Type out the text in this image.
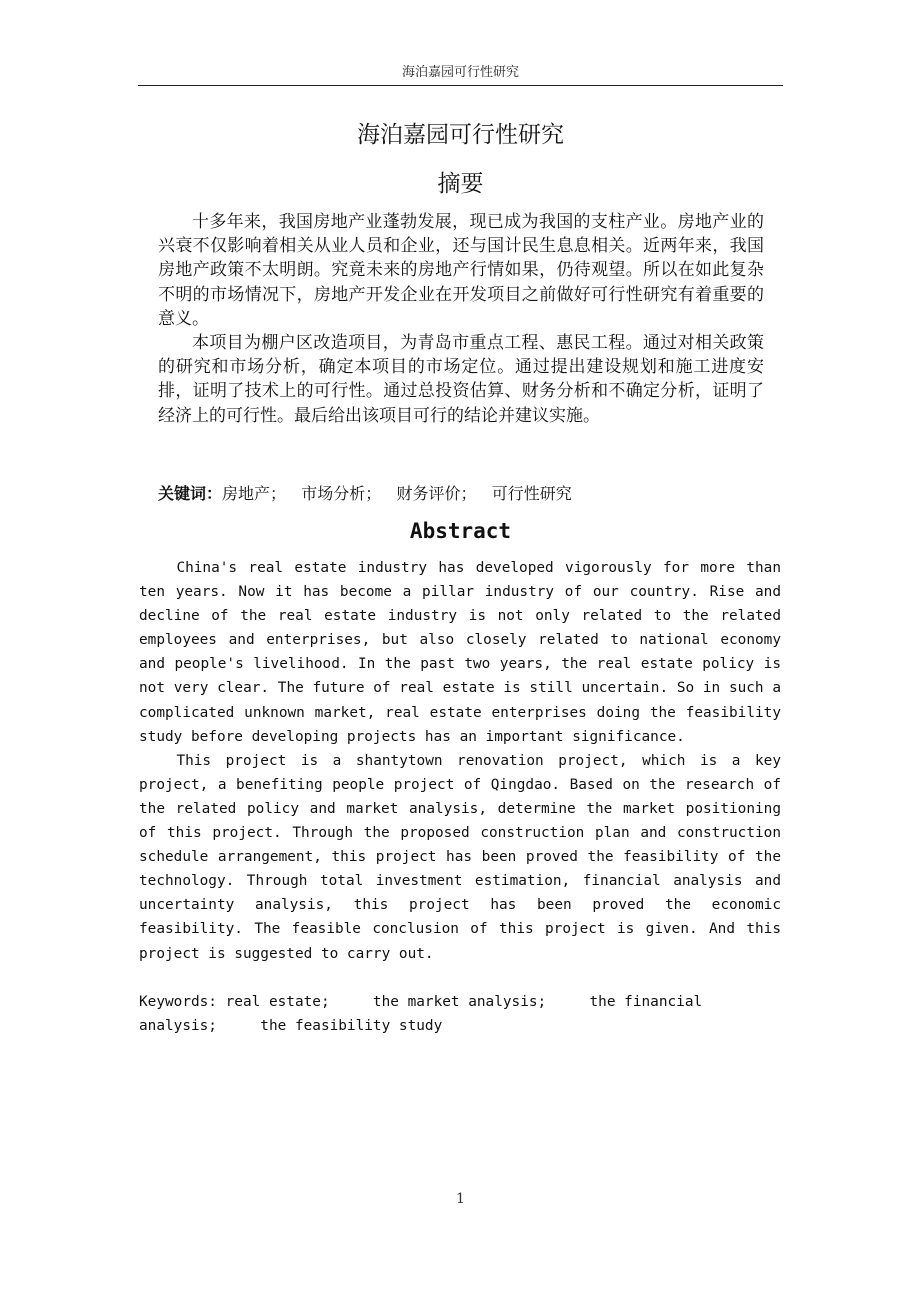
海泊嘉园可行性研究
海泊嘉园可行性研究
摘要

十多年来，我国房地产业蓬勃发展，现已成为我国的支柱产业。房地产业的兴衰不仅影响着相关从业人员和企业，还与国计民生息息相关。近两年来，我国房地产政策不太明朗。究竟未来的房地产行情如果，仍待观望。所以在如此复杂不明的市场情况下，房地产开发企业在开发项目之前做好可行性研究有着重要的意义。

本项目为棚户区改造项目，为青岛市重点工程、惠民工程。通过对相关政策的研究和市场分析，确定本项目的市场定位。通过提出建设规划和施工进度安排，证明了技术上的可行性。通过总投资估算、财务分析和不确定分析，证明了经济上的可行性。最后给出该项目可行的结论并建议实施。

关键词：房地产；   市场分析；   财务评价；   可行性研究
Abstract

China's real estate industry has developed vigorously for more than ten years. Now it has become a pillar industry of our country. Rise and decline of the real estate industry is not only related to the related employees and enterprises, but also closely related to national economy and people's livelihood. In the past two years, the real estate policy is not very clear. The future of real estate is still uncertain. So in such a complicated unknown market, real estate enterprises doing the feasibility study before developing projects has an important significance.

This project is a shantytown renovation project, which is a key project, a benefiting people project of Qingdao. Based on the research of the related policy and market analysis, determine the market positioning of this project. Through the proposed construction plan and construction schedule arrangement, this project has been proved the feasibility of the technology. Through total investment estimation, financial analysis and uncertainty analysis, this project has been proved the economic feasibility. The feasible conclusion of this project is given. And this project is suggested to carry out.

Keywords: real estate;     the market analysis;     the financial analysis;     the feasibility study
1
